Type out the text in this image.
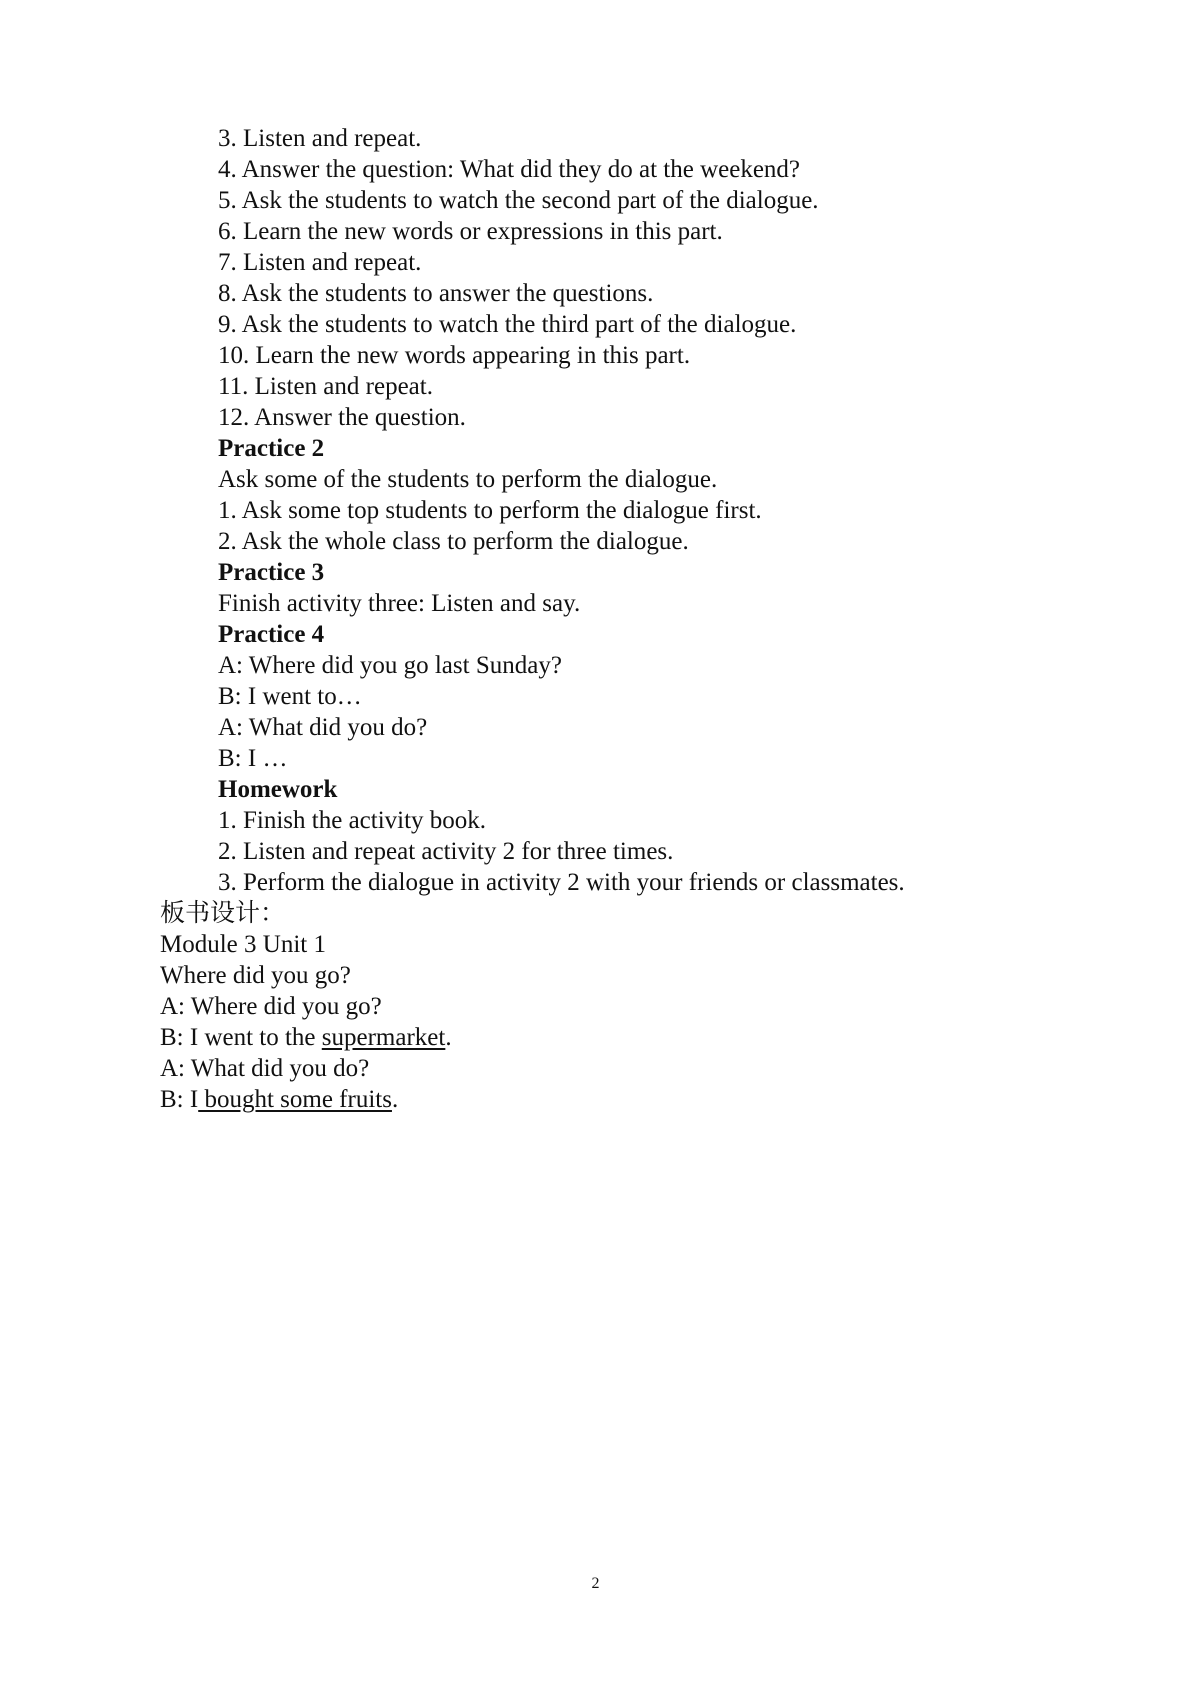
3. Listen and repeat.
4. Answer the question: What did they do at the weekend?
5. Ask the students to watch the second part of the dialogue.
6. Learn the new words or expressions in this part.
7. Listen and repeat.
8. Ask the students to answer the questions.
9. Ask the students to watch the third part of the dialogue.
10. Learn the new words appearing in this part.
11. Listen and repeat.
12. Answer the question.
Practice 2
Ask some of the students to perform the dialogue.
1. Ask some top students to perform the dialogue first.
2. Ask the whole class to perform the dialogue.
Practice 3
Finish activity three: Listen and say.
Practice 4
A: Where did you go last Sunday?
B: I went to…
A: What did you do?
B: I …
Homework
1. Finish the activity book.
2. Listen and repeat activity 2 for three times.
3. Perform the dialogue in activity 2 with your friends or classmates.
板书设计：
Module 3 Unit 1
Where did you go?
A: Where did you go?
B: I went to the supermarket.
A: What did you do?
B: I bought some fruits.
2
